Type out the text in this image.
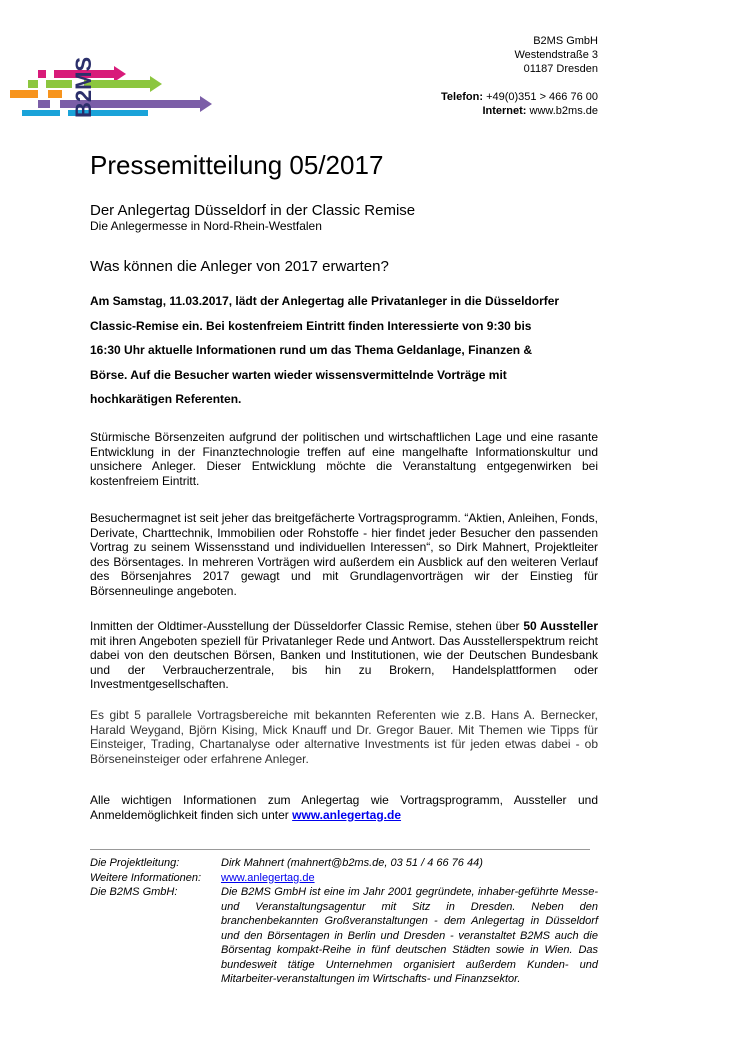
B2MS
B2MS GmbH
Westendstraße 3
01187 Dresden
Telefon: +49(0)351 > 466 76 00
Internet: www.b2ms.de
Pressemitteilung 05/2017
Der Anlegertag Düsseldorf in der Classic Remise
Die Anlegermesse in Nord-Rhein-Westfalen
Was können die Anleger von 2017 erwarten?
Am Samstag, 11.03.2017, lädt der Anlegertag alle Privatanleger in die Düsseldorfer Classic-Remise ein. Bei kostenfreiem Eintritt finden Interessierte von 9:30 bis 16:30 Uhr aktuelle Informationen rund um das Thema Geldanlage, Finanzen & Börse. Auf die Besucher warten wieder wissensvermittelnde Vorträge mit hochkarätigen Referenten.
Stürmische Börsenzeiten aufgrund der politischen und wirtschaftlichen Lage und eine rasante Entwicklung in der Finanztechnologie treffen auf eine mangelhafte Informationskultur und unsichere Anleger. Dieser Entwicklung möchte die Veranstaltung entgegenwirken bei kostenfreiem Eintritt.
Besuchermagnet ist seit jeher das breitgefächerte Vortragsprogramm. “Aktien, Anleihen, Fonds, Derivate, Charttechnik, Immobilien oder Rohstoffe - hier findet jeder Besucher den passenden Vortrag zu seinem Wissensstand und individuellen Interessen“, so Dirk Mahnert, Projektleiter des Börsentages. In mehreren Vorträgen wird außerdem ein Ausblick auf den weiteren Verlauf des Börsenjahres 2017 gewagt und mit Grundlagenvorträgen wir der Einstieg für Börsenneulinge angeboten.
Inmitten der Oldtimer-Ausstellung der Düsseldorfer Classic Remise, stehen über 50 Aussteller mit ihren Angeboten speziell für Privatanleger Rede und Antwort. Das Ausstellerspektrum reicht dabei von den deutschen Börsen, Banken und Institutionen, wie der Deutschen Bundesbank und der Verbraucherzentrale, bis hin zu Brokern, Handelsplattformen oder Investmentgesellschaften.
Es gibt 5 parallele Vortragsbereiche mit bekannten Referenten wie z.B. Hans A. Bernecker, Harald Weygand, Björn Kising, Mick Knauff und Dr. Gregor Bauer. Mit Themen wie Tipps für Einsteiger, Trading, Chartanalyse oder alternative Investments ist für jeden etwas dabei - ob Börseneinsteiger oder erfahrene Anleger.
Alle wichtigen Informationen zum Anlegertag wie Vortragsprogramm, Aussteller und Anmeldemöglichkeit finden sich unter www.anlegertag.de
Die Projektleitung:	Dirk Mahnert (mahnert@b2ms.de, 03 51 / 4 66 76 44)
Weitere Informationen:	www.anlegertag.de
Die B2MS GmbH:	Die B2MS GmbH ist eine im Jahr 2001 gegründete, inhaber-geführte Messe- und Veranstaltungsagentur mit Sitz in Dresden. Neben den branchenbekannten Großveranstaltungen - dem Anlegertag in Düsseldorf und den Börsentagen in Berlin und Dresden - veranstaltet B2MS auch die Börsentag kompakt-Reihe in fünf deutschen Städten sowie in Wien. Das bundesweit tätige Unternehmen organisiert außerdem Kunden- und Mitarbeiter-veranstaltungen im Wirtschafts- und Finanzsektor.
